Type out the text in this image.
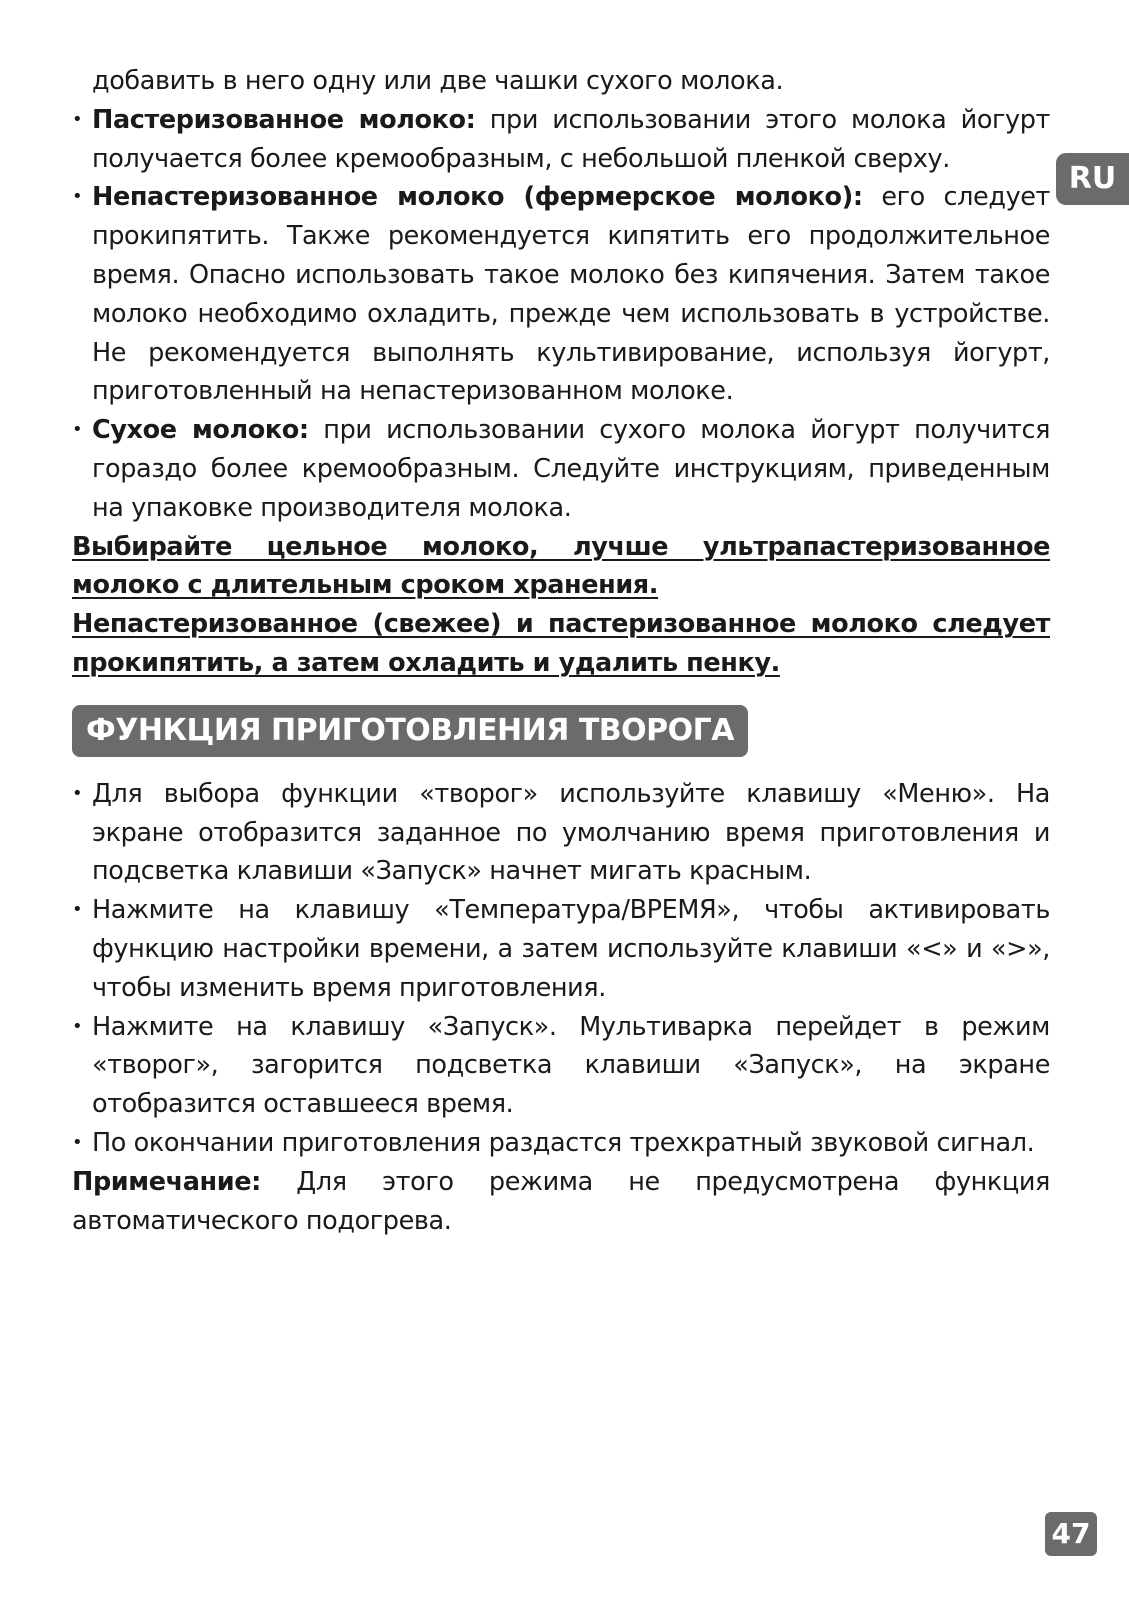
RU

добавить в него одну или две чашки сухого молока.

• Пастеризованное молоко: при использовании этого молока йогурт получается более кремообразным, с небольшой пленкой сверху.

• Непастеризованное молоко (фермерское молоко): его следует прокипятить. Также рекомендуется кипятить его продолжительное время. Опасно использовать такое молоко без кипячения. Затем такое молоко необходимо охладить, прежде чем использовать в устройстве. Не рекомендуется выполнять культивирование, используя йогурт, приготовленный на непастеризованном молоке.

• Сухое молоко: при использовании сухого молока йогурт получится гораздо более кремообразным. Следуйте инструкциям, приведенным на упаковке производителя молока.

Выбирайте цельное молоко, лучше ультрапастеризованное молоко с длительным сроком хранения.

Непастеризованное (свежее) и пастеризованное молоко следует прокипятить, а затем охладить и удалить пенку.

ФУНКЦИЯ ПРИГОТОВЛЕНИЯ ТВОРОГА

• Для выбора функции «творог» используйте клавишу «Меню». На экране отобразится заданное по умолчанию время приготовления и подсветка клавиши «Запуск» начнет мигать красным.

• Нажмите на клавишу «Температура/ВРЕМЯ», чтобы активировать функцию настройки времени, а затем используйте клавиши «<» и «>», чтобы изменить время приготовления.

• Нажмите на клавишу «Запуск». Мультиварка перейдет в режим «творог», загорится подсветка клавиши «Запуск», на экране отобразится оставшееся время.

• По окончании приготовления раздастся трехкратный звуковой сигнал.

Примечание: Для этого режима не предусмотрена функция автоматического подогрева.

47
